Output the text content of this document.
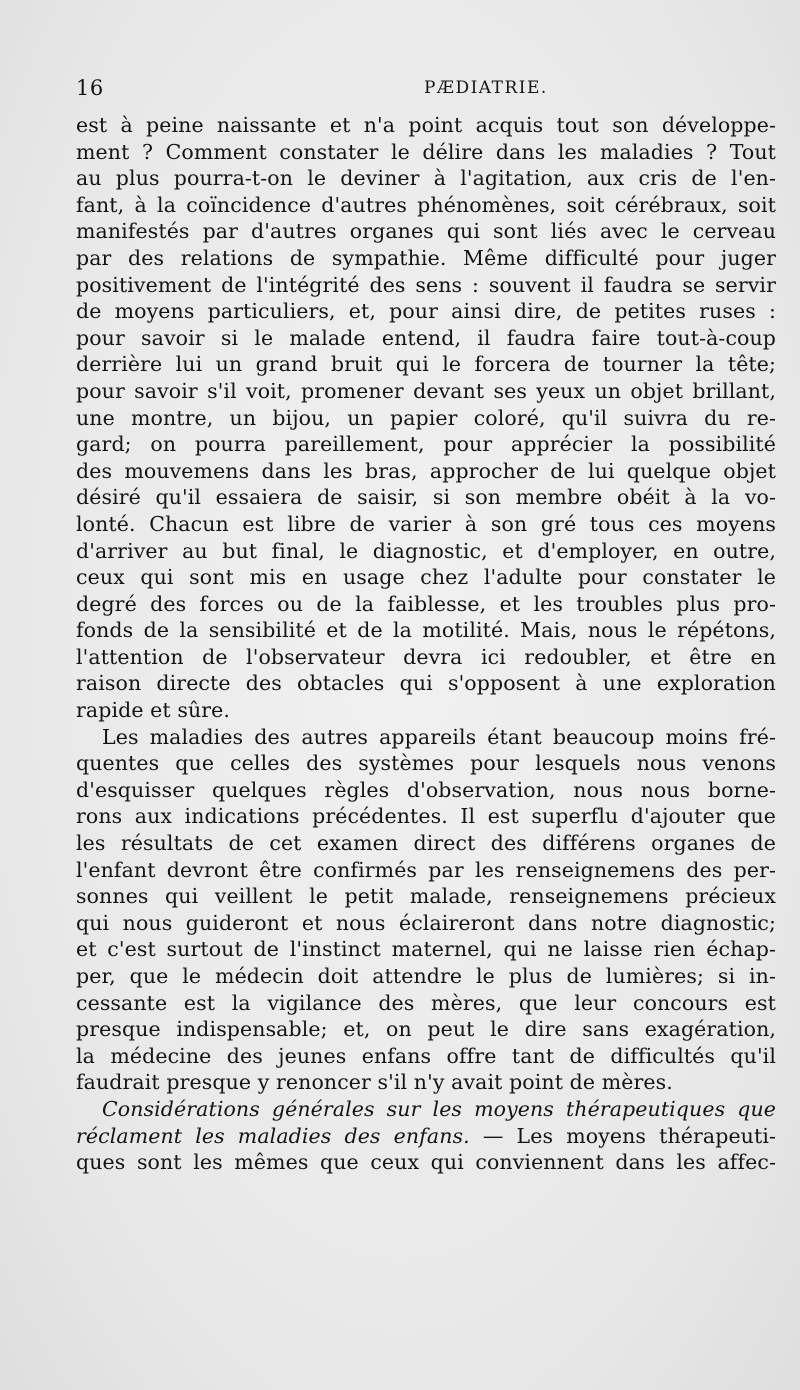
16	PÆDIATRIE.
est à peine naissante et n'a point acquis tout son développe-
ment ? Comment constater le délire dans les maladies ? Tout
au plus pourra-t-on le deviner à l'agitation, aux cris de l'en-
fant, à la coïncidence d'autres phénomènes, soit cérébraux, soit
manifestés par d'autres organes qui sont liés avec le cerveau
par des relations de sympathie. Même difficulté pour juger
positivement de l'intégrité des sens : souvent il faudra se servir
de moyens particuliers, et, pour ainsi dire, de petites ruses :
pour savoir si le malade entend, il faudra faire tout-à-coup
derrière lui un grand bruit qui le forcera de tourner la tête;
pour savoir s'il voit, promener devant ses yeux un objet brillant,
une montre, un bijou, un papier coloré, qu'il suivra du re-
gard; on pourra pareillement, pour apprécier la possibilité
des mouvemens dans les bras, approcher de lui quelque objet
désiré qu'il essaiera de saisir, si son membre obéit à la vo-
lonté. Chacun est libre de varier à son gré tous ces moyens
d'arriver au but final, le diagnostic, et d'employer, en outre,
ceux qui sont mis en usage chez l'adulte pour constater le
degré des forces ou de la faiblesse, et les troubles plus pro-
fonds de la sensibilité et de la motilité. Mais, nous le répétons,
l'attention de l'observateur devra ici redoubler, et être en
raison directe des obtacles qui s'opposent à une exploration
rapide et sûre.
Les maladies des autres appareils étant beaucoup moins fré-
quentes que celles des systèmes pour lesquels nous venons
d'esquisser quelques règles d'observation, nous nous borne-
rons aux indications précédentes. Il est superflu d'ajouter que
les résultats de cet examen direct des différens organes de
l'enfant devront être confirmés par les renseignemens des per-
sonnes qui veillent le petit malade, renseignemens précieux
qui nous guideront et nous éclaireront dans notre diagnostic;
et c'est surtout de l'instinct maternel, qui ne laisse rien échap-
per, que le médecin doit attendre le plus de lumières; si in-
cessante est la vigilance des mères, que leur concours est
presque indispensable; et, on peut le dire sans exagération,
la médecine des jeunes enfans offre tant de difficultés qu'il
faudrait presque y renoncer s'il n'y avait point de mères.
Considérations générales sur les moyens thérapeutiques que
réclament les maladies des enfans. — Les moyens thérapeuti-
ques sont les mêmes que ceux qui conviennent dans les affec-
